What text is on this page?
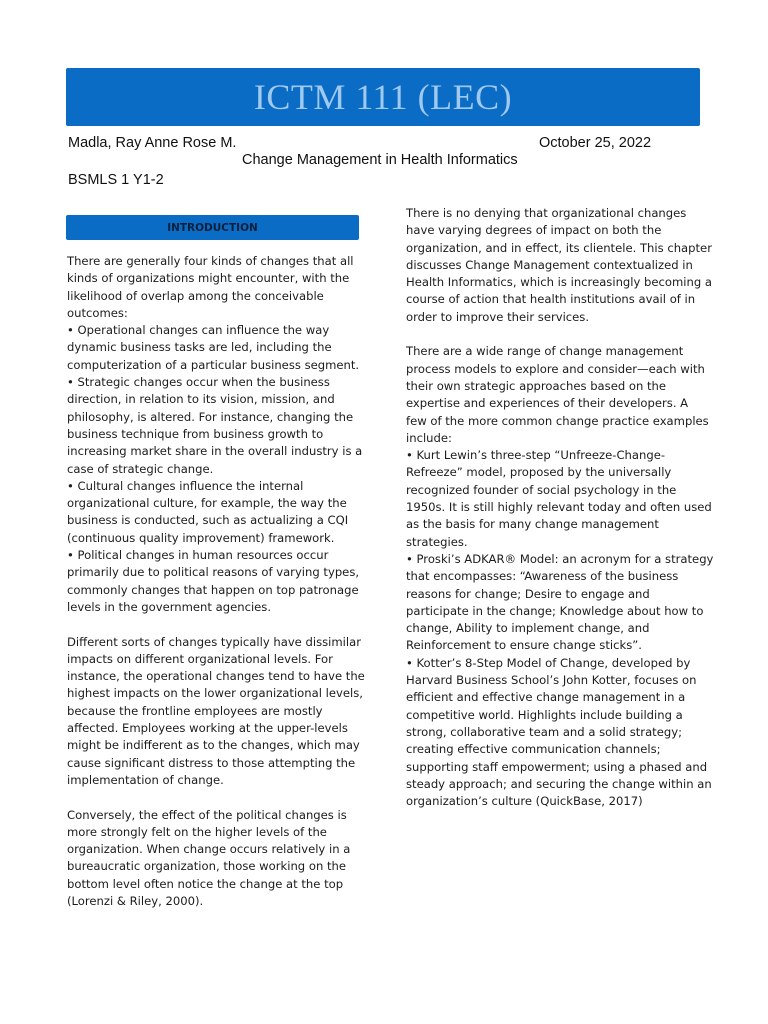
ICTM 111 (LEC)
Madla, Ray Anne Rose M.	October 25, 2022
Change Management in Health Informatics
BSMLS 1 Y1-2
INTRODUCTION

There are generally four kinds of changes that all
kinds of organizations might encounter, with the
likelihood of overlap among the conceivable
outcomes:
• Operational changes can influence the way
dynamic business tasks are led, including the
computerization of a particular business segment.
• Strategic changes occur when the business
direction, in relation to its vision, mission, and
philosophy, is altered. For instance, changing the
business technique from business growth to
increasing market share in the overall industry is a
case of strategic change.
• Cultural changes influence the internal
organizational culture, for example, the way the
business is conducted, such as actualizing a CQI
(continuous quality improvement) framework.
• Political changes in human resources occur
primarily due to political reasons of varying types,
commonly changes that happen on top patronage
levels in the government agencies.

Different sorts of changes typically have dissimilar
impacts on different organizational levels. For
instance, the operational changes tend to have the
highest impacts on the lower organizational levels,
because the frontline employees are mostly
affected. Employees working at the upper-levels
might be indifferent as to the changes, which may
cause significant distress to those attempting the
implementation of change.

Conversely, the effect of the political changes is
more strongly felt on the higher levels of the
organization. When change occurs relatively in a
bureaucratic organization, those working on the
bottom level often notice the change at the top
(Lorenzi & Riley, 2000).

There is no denying that organizational changes
have varying degrees of impact on both the
organization, and in effect, its clientele. This chapter
discusses Change Management contextualized in
Health Informatics, which is increasingly becoming a
course of action that health institutions avail of in
order to improve their services.

There are a wide range of change management
process models to explore and consider—each with
their own strategic approaches based on the
expertise and experiences of their developers. A
few of the more common change practice examples
include:
• Kurt Lewin’s three-step “Unfreeze-Change-
Refreeze” model, proposed by the universally
recognized founder of social psychology in the
1950s. It is still highly relevant today and often used
as the basis for many change management
strategies.
• Proski’s ADKAR® Model: an acronym for a strategy
that encompasses: “Awareness of the business
reasons for change; Desire to engage and
participate in the change; Knowledge about how to
change, Ability to implement change, and
Reinforcement to ensure change sticks”.
• Kotter’s 8-Step Model of Change, developed by
Harvard Business School’s John Kotter, focuses on
efficient and effective change management in a
competitive world. Highlights include building a
strong, collaborative team and a solid strategy;
creating effective communication channels;
supporting staff empowerment; using a phased and
steady approach; and securing the change within an
organization’s culture (QuickBase, 2017)
